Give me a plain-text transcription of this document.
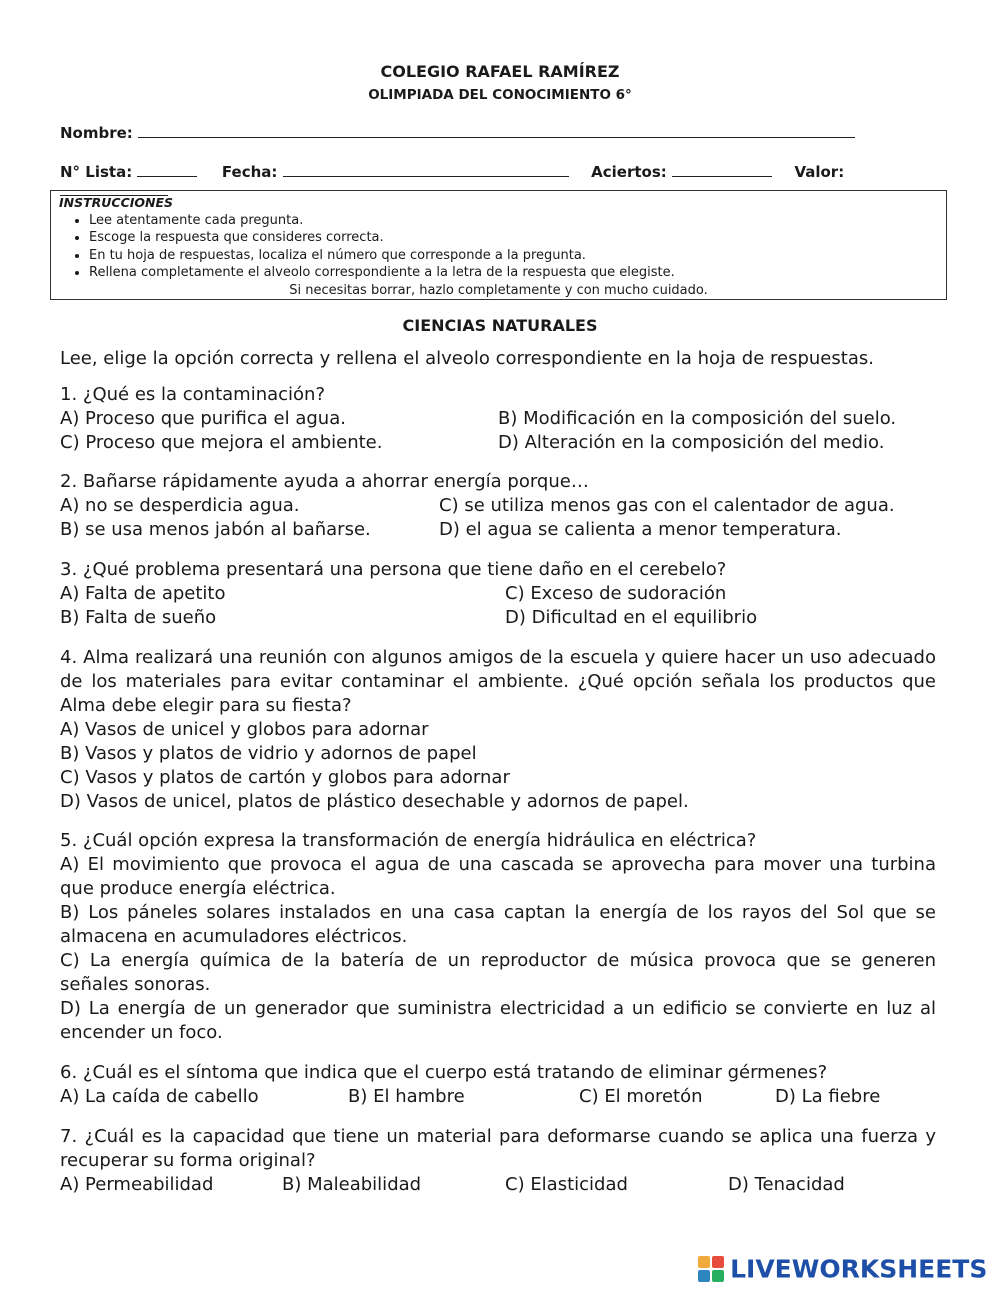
COLEGIO RAFAEL RAMÍREZ
OLIMPIADA DEL CONOCIMIENTO 6°
Nombre:
N° Lista:	Fecha:	Aciertos:	Valor:
INSTRUCCIONES
• Lee atentamente cada pregunta.
• Escoge la respuesta que consideres correcta.
• En tu hoja de respuestas, localiza el número que corresponde a la pregunta.
• Rellena completamente el alveolo correspondiente a la letra de la respuesta que elegiste.
Si necesitas borrar, hazlo completamente y con mucho cuidado.
CIENCIAS NATURALES
Lee, elige la opción correcta y rellena el alveolo correspondiente en la hoja de respuestas.
1. ¿Qué es la contaminación?
A) Proceso que purifica el agua.	B) Modificación en la composición del suelo.
C) Proceso que mejora el ambiente.	D) Alteración en la composición del medio.
2. Bañarse rápidamente ayuda a ahorrar energía porque…
A) no se desperdicia agua.	C) se utiliza menos gas con el calentador de agua.
B) se usa menos jabón al bañarse.	D) el agua se calienta a menor temperatura.
3. ¿Qué problema presentará una persona que tiene daño en el cerebelo?
A) Falta de apetito	C) Exceso de sudoración
B) Falta de sueño	D) Dificultad en el equilibrio

4. Alma realizará una reunión con algunos amigos de la escuela y quiere hacer un uso adecuado de los materiales para evitar contaminar el ambiente. ¿Qué opción señala los productos que Alma debe elegir para su fiesta?

A) Vasos de unicel y globos para adornar
B) Vasos y platos de vidrio y adornos de papel
C) Vasos y platos de cartón y globos para adornar
D) Vasos de unicel, platos de plástico desechable y adornos de papel.
5. ¿Cuál opción expresa la transformación de energía hidráulica en eléctrica?

A) El movimiento que provoca el agua de una cascada se aprovecha para mover una turbina que produce energía eléctrica.

B) Los páneles solares instalados en una casa captan la energía de los rayos del Sol que se almacena en acumuladores eléctricos.

C) La energía química de la batería de un reproductor de música provoca que se generen señales sonoras.

D) La energía de un generador que suministra electricidad a un edificio se convierte en luz al encender un foco.

6. ¿Cuál es el síntoma que indica que el cuerpo está tratando de eliminar gérmenes?
A) La caída de cabello	B) El hambre	C) El moretón	D) La fiebre

7. ¿Cuál es la capacidad que tiene un material para deformarse cuando se aplica una fuerza y recuperar su forma original?

A) Permeabilidad	B) Maleabilidad	C) Elasticidad	D) Tenacidad
LIVEWORKSHEETS
